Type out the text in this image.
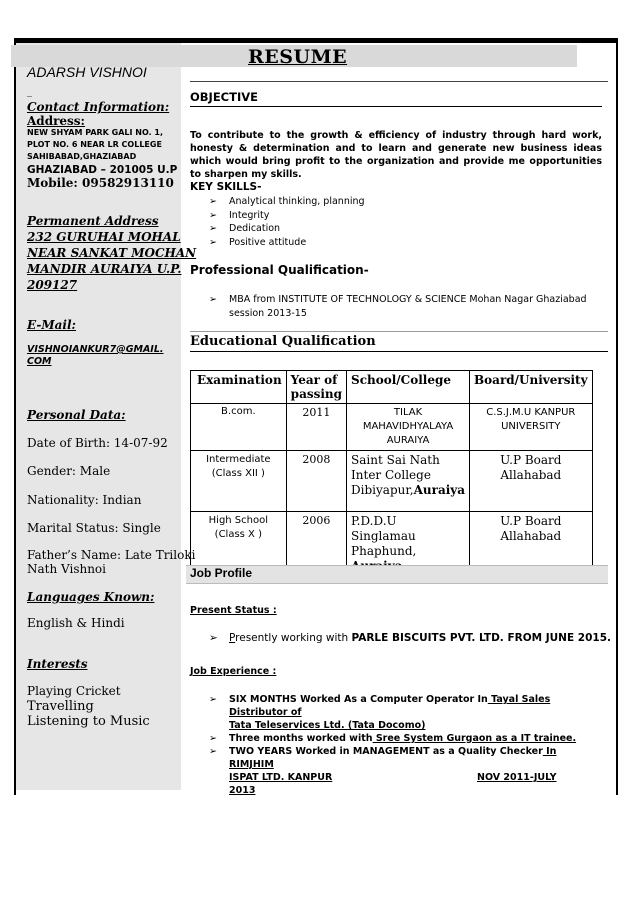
RESUME
ADARSH VISHNOI
_
Contact Information:
Address:
NEW SHYAM PARK GALI NO. 1,
PLOT NO. 6 NEAR LR COLLEGE
SAHIBABAD,GHAZIABAD
GHAZIABAD – 201005 U.P
Mobile: 09582913110
Permanent Address
232 GURUHAI MOHAL
NEAR SANKAT MOCHAN
MANDIR AURAIYA U.P.
209127
E-Mail:
VISHNOIANKUR7@GMAIL.
COM
Personal Data:
Date of Birth: 14-07-92
Gender: Male
Nationality: Indian
Marital Status: Single
Father’s Name: Late Triloki
Nath Vishnoi
Languages Known:
English & Hindi
Interests
Playing Cricket
Travelling
Listening to Music
OBJECTIVE
To contribute to the growth & efficiency of industry through hard work, honesty & determination and to learn and generate new business ideas which would bring profit to the organization and provide me opportunities to sharpen my skills.
KEY SKILLS-
➢ Analytical thinking, planning
➢ Integrity
➢ Dedication
➢ Positive attitude
Professional Qualification-
➢	MBA from INSTITUTE OF TECHNOLOGY & SCIENCE Mohan Nagar Ghaziabad
session 2013-15
Educational Qualification
Examination	Year of passing	School/College	Board/University
B.com.	2011	TILAK MAHAVIDHYALAYA AURAIYA	C.S.J.M.U KANPUR UNIVERSITY
Intermediate (Class XII )	2008	Saint Sai Nath Inter College Dibiyapur,Auraiya	U.P Board Allahabad
High School (Class X )	2006	P.D.D.U Singlamau Phaphund,	U.P Board Allahabad
Job Profile
Present Status :
➢ Presently working with PARLE BISCUITS PVT. LTD. FROM JUNE 2015.
Job Experience :
➢	SIX MONTHS Worked As a Computer Operator In Tayal Sales Distributor of
Tata Teleservices Ltd. (Tata Docomo)
➢	Three months worked with Sree System Gurgaon as a IT trainee.
➢	TWO YEARS Worked in MANAGEMENT as a Quality Checker In RIMJHIM
ISPAT LTD. KANPUR	NOV 2011-JULY 2013
